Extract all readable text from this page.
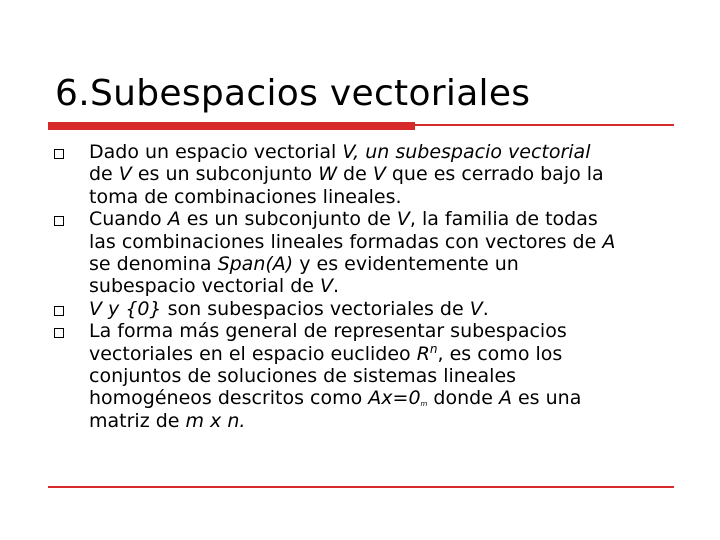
6.Subespacios vectoriales
Dado un espacio vectorial V, un subespacio vectorial
de V es un subconjunto W de V que es cerrado bajo la
toma de combinaciones lineales.
Cuando A es un subconjunto de V, la familia de todas
las combinaciones lineales formadas con vectores de A
se denomina Span(A) y es evidentemente un
subespacio vectorial de V.
V y {0} son subespacios vectoriales de V.
La forma más general de representar subespacios
vectoriales en el espacio euclideo $R^n$, es como los
conjuntos de soluciones de sistemas lineales
homogéneos descritos como $Ax=0_m$ donde A es una
matriz de m x n.
